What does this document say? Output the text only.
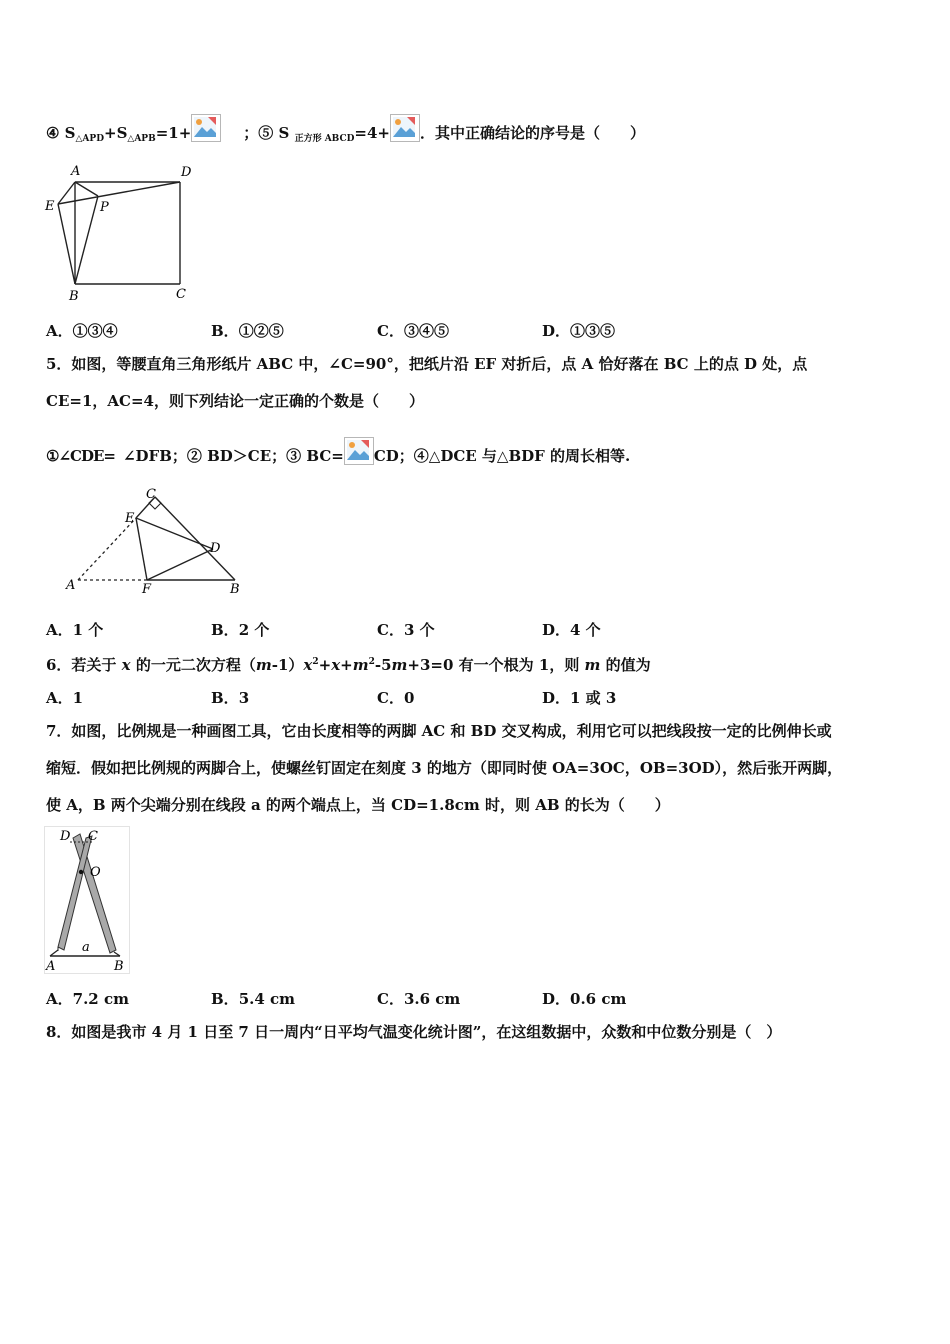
④ $S_{\triangle APD}+S_{\triangle APB}=1+$	；⑤ S $_{正方形 ABCD}$=4+ ．其中正确结论的序号是（　　）
A	D
E	P
B	C
A．①③④	B．①②⑤	C．③④⑤	D．①③⑤
5．如图，等腰直角三角形纸片 ABC 中，∠C=90°，把纸片沿 EF 对折后，点 A 恰好落在 BC 上的点 D 处，点
CE=1，AC=4，则下列结论一定正确的个数是（　　）
①∠CDE= ∠DFB；② BD＞CE；③ BC= CD；④△DCE 与△BDF 的周长相等.
C
E
D
A	F	B
A．1 个	B．2 个	C．3 个	D．4 个
6．若关于 x 的一元二次方程$(m-1)x^2+x+m^2-5m+3=0$ 有一个根为 1，则 m 的值为
A．1	B．3	C．0	D．1 或 3
7．如图，比例规是一种画图工具，它由长度相等的两脚 AC 和 BD 交叉构成，利用它可以把线段按一定的比例伸长或
缩短．假如把比例规的两脚合上，使螺丝钉固定在刻度 3 的地方（即同时使 OA=3OC，OB=3OD），然后张开两脚，
使 A，B 两个尖端分别在线段 a 的两个端点上，当 CD=1.8cm 时，则 AB 的长为（　　）
D C
O
a
A	B
A．7.2 cm	B．5.4 cm	C．3.6 cm	D．0.6 cm
8．如图是我市 4 月 1 日至 7 日一周内“日平均气温变化统计图”，在这组数据中，众数和中位数分别是（　）
